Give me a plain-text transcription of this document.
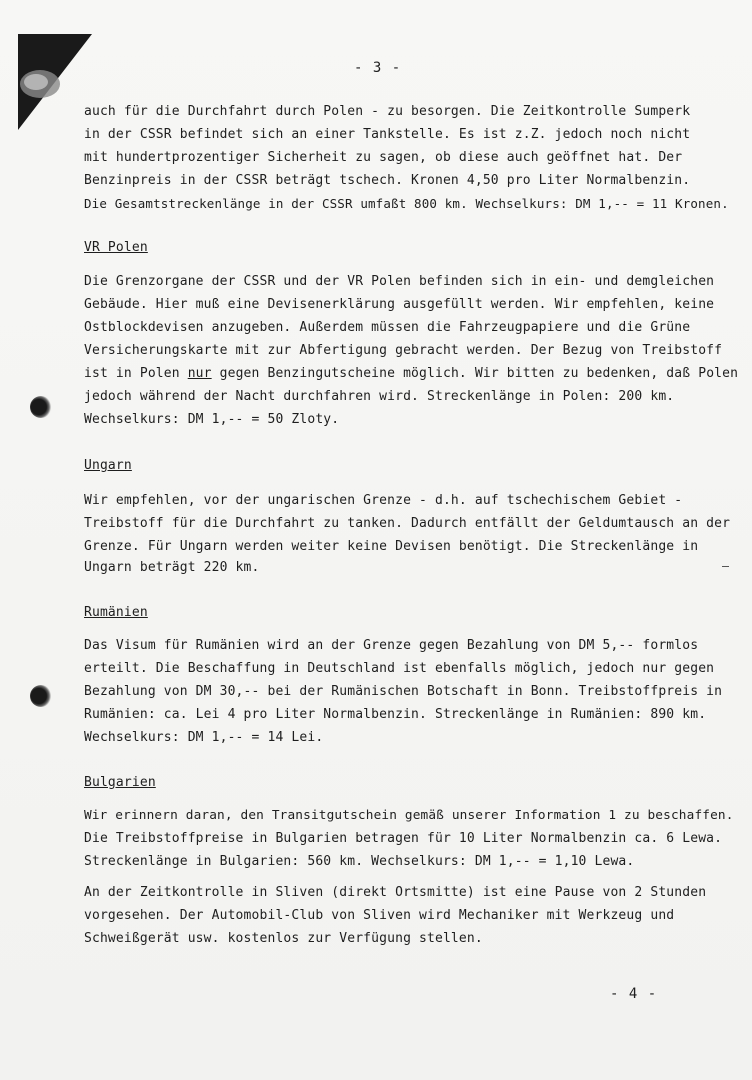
- 3 -
auch für die Durchfahrt durch Polen - zu besorgen. Die Zeitkontrolle Sumperk
in der CSSR befindet sich an einer Tankstelle. Es ist z.Z. jedoch noch nicht
mit hundertprozentiger Sicherheit zu sagen, ob diese auch geöffnet hat. Der
Benzinpreis in der CSSR beträgt tschech. Kronen 4,50 pro Liter Normalbenzin.
Die Gesamtstreckenlänge in der CSSR umfaßt 800 km. Wechselkurs: DM 1,-- = 11 Kronen.
VR Polen
Die Grenzorgane der CSSR und der VR Polen befinden sich in ein- und demgleichen
Gebäude. Hier muß eine Devisenerklärung ausgefüllt werden. Wir empfehlen, keine
Ostblockdevisen anzugeben. Außerdem müssen die Fahrzeugpapiere und die Grüne
Versicherungskarte mit zur Abfertigung gebracht werden. Der Bezug von Treibstoff
ist in Polen nur gegen Benzingutscheine möglich. Wir bitten zu bedenken, daß Polen
jedoch während der Nacht durchfahren wird. Streckenlänge in Polen: 200 km.
Wechselkurs: DM 1,-- = 50 Zloty.
Ungarn
Wir empfehlen, vor der ungarischen Grenze - d.h. auf tschechischem Gebiet -
Treibstoff für die Durchfahrt zu tanken. Dadurch entfällt der Geldumtausch an der
Grenze. Für Ungarn werden weiter keine Devisen benötigt. Die Streckenlänge in
Ungarn beträgt 220 km.
Rumänien
Das Visum für Rumänien wird an der Grenze gegen Bezahlung von DM 5,-- formlos
erteilt. Die Beschaffung in Deutschland ist ebenfalls möglich, jedoch nur gegen
Bezahlung von DM 30,-- bei der Rumänischen Botschaft in Bonn. Treibstoffpreis in
Rumänien: ca. Lei 4 pro Liter Normalbenzin. Streckenlänge in Rumänien: 890 km.
Wechselkurs: DM 1,-- = 14 Lei.
Bulgarien
Wir erinnern daran, den Transitgutschein gemäß unserer Information 1 zu beschaffen.
Die Treibstoffpreise in Bulgarien betragen für 10 Liter Normalbenzin ca. 6 Lewa.
Streckenlänge in Bulgarien: 560 km. Wechselkurs: DM 1,-- = 1,10 Lewa.
An der Zeitkontrolle in Sliven (direkt Ortsmitte) ist eine Pause von 2 Stunden
vorgesehen. Der Automobil-Club von Sliven wird Mechaniker mit Werkzeug und
Schweißgerät usw. kostenlos zur Verfügung stellen.
- 4 -
